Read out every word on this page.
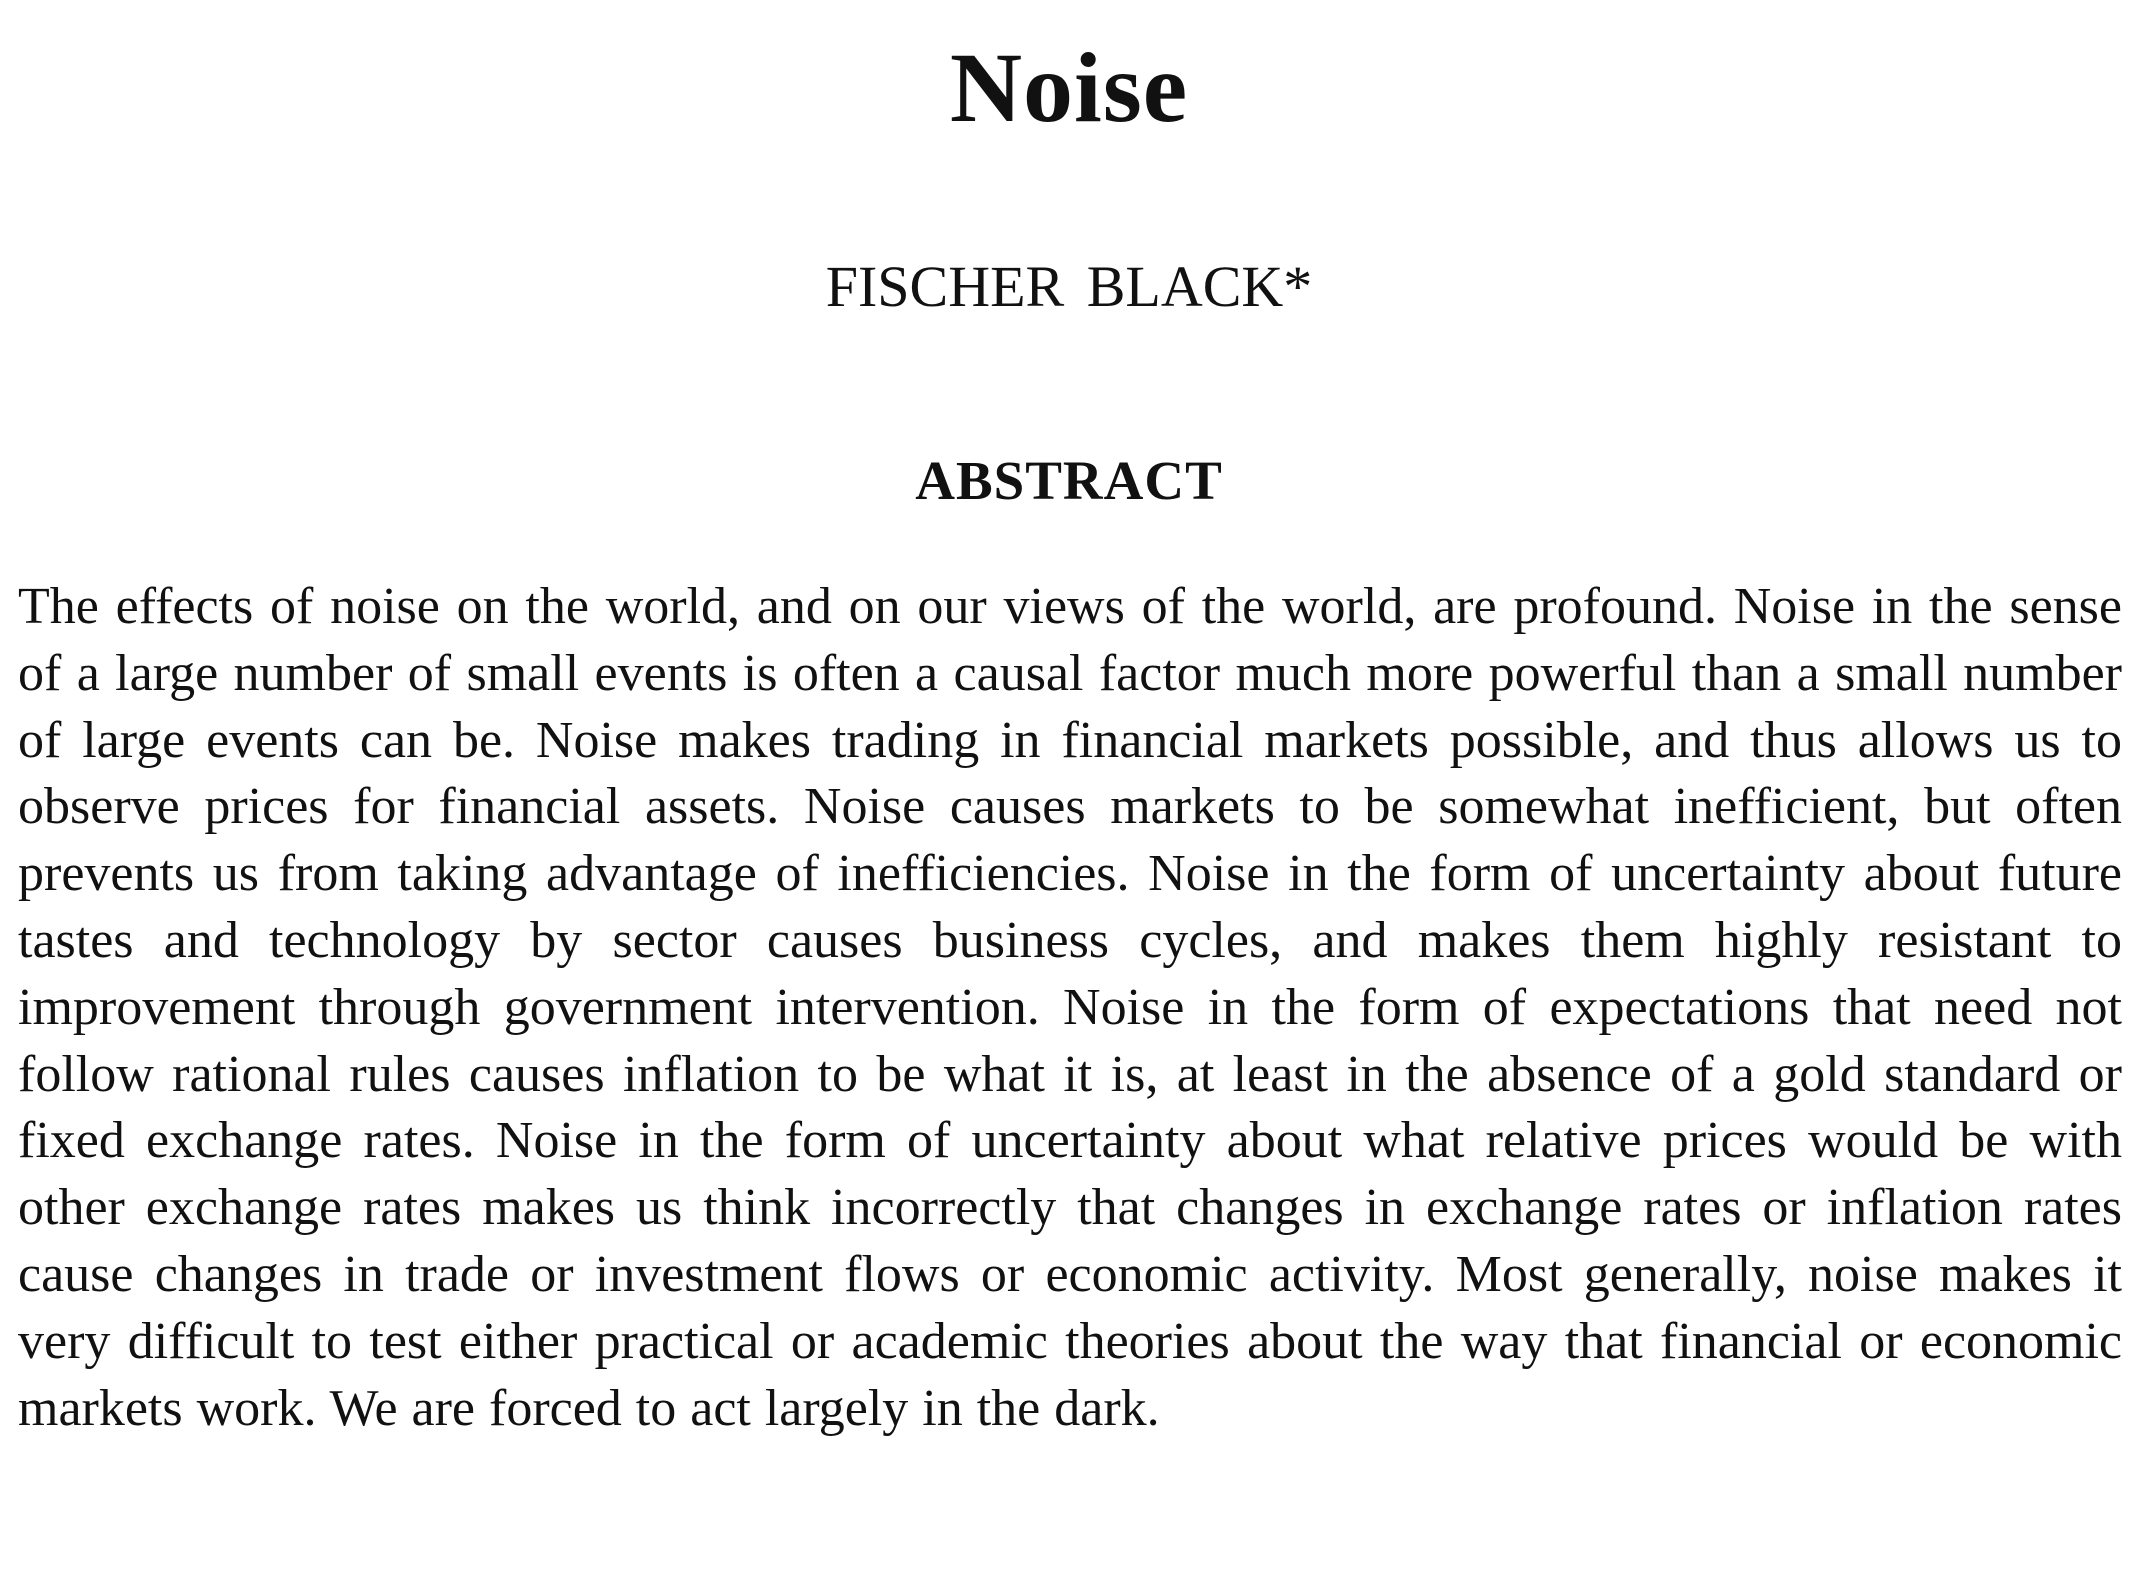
Noise
FISCHER BLACK*
ABSTRACT

The effects of noise on the world, and on our views of the world, are profound. Noise in the sense of a large number of small events is often a causal factor much more powerful than a small number of large events can be. Noise makes trading in financial markets possible, and thus allows us to observe prices for financial assets. Noise causes markets to be somewhat inefficient, but often prevents us from taking advantage of inefficiencies. Noise in the form of uncertainty about future tastes and technology by sector causes business cycles, and makes them highly resistant to improvement through government intervention. Noise in the form of expectations that need not follow rational rules causes inflation to be what it is, at least in the absence of a gold standard or fixed exchange rates. Noise in the form of uncertainty about what relative prices would be with other exchange rates makes us think incorrectly that changes in exchange rates or inflation rates cause changes in trade or investment flows or economic activity. Most generally, noise makes it very difficult to test either practical or academic theories about the way that financial or economic markets work. We are forced to act largely in the dark.
